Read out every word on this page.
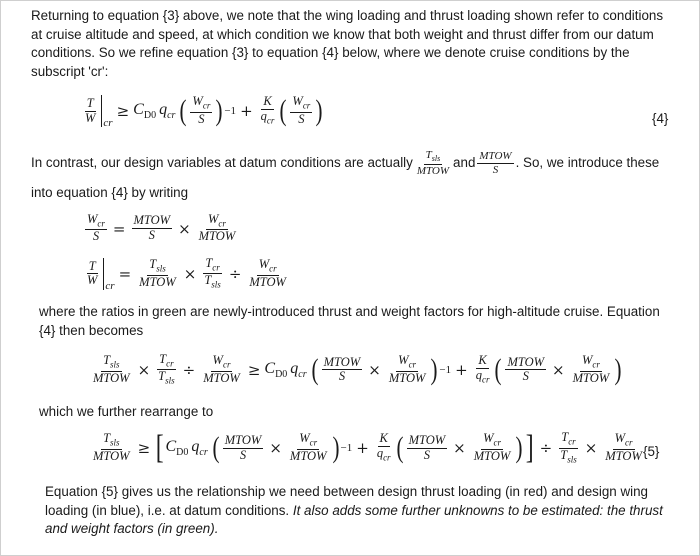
Returning to equation {3} above, we note that the wing loading and thrust loading shown refer to conditions at cruise altitude and speed, at which condition we know that both weight and thrust differ from our datum conditions. So we refine equation {3} to equation {4} below, where we denote cruise conditions by the subscript 'cr':
$\frac{T}{W}$ cr
≥ $C_{D0}$ $q_{cr}$ ( $\frac{W_{cr}}{S}$ ) $-1 + \frac{K}{q_{cr}}$ ( $\frac{W_{cr}}{S}$ )	{4}
In contrast, our design variables at datum conditions are actually $\frac{T_{sls}}{\text{MTOW}}$ and $\frac{\text{MTOW}}{S}$ . So, we introduce these
into equation {4} by writing
$\frac{W_{cr}}{S} = \frac{\text{MTOW}}{S} \times \frac{W_{cr}}{\text{MTOW}}$
$\frac{T}{W}$ cr
= $\frac{T_{sls}}{\text{MTOW}} \times \frac{T_{cr}}{T_{sls}} \div \frac{W_{cr}}{\text{MTOW}}$
where the ratios in green are newly-introduced thrust and weight factors for high-altitude cruise. Equation {4} then becomes
$\frac{T_{sls}}{\text{MTOW}} \times \frac{T_{cr}}{T_{sls}} \div \frac{W_{cr}}{\text{MTOW}} \ge C_{D0}$ $q_{cr}$ ( $\frac{\text{MTOW}}{S} \times \frac{W_{cr}}{\text{MTOW}}$ ) $-1 + \frac{K}{q_{cr}}$ ( $\frac{\text{MTOW}}{S} \times \frac{W_{cr}}{\text{MTOW}}$ )
which we further rearrange to
$\frac{T_{sls}}{\text{MTOW}}$ ≥ [ $C_{D0}$ $q_{cr}$ ( $\frac{\text{MTOW}}{S} \times \frac{W_{cr}}{\text{MTOW}}$ ) $-1 + \frac{K}{q_{cr}}$ ( $\frac{\text{MTOW}}{S} \times \frac{W_{cr}}{\text{MTOW}}$ ) ] ÷ $\frac{T_{cr}}{T_{sls}} \times \frac{W_{cr}}{\text{MTOW}} \{5\}$
Equation {5} gives us the relationship we need between design thrust loading (in red) and design wing loading (in blue), i.e. at datum conditions. It also adds some further unknowns to be estimated: the thrust and weight factors (in green).
